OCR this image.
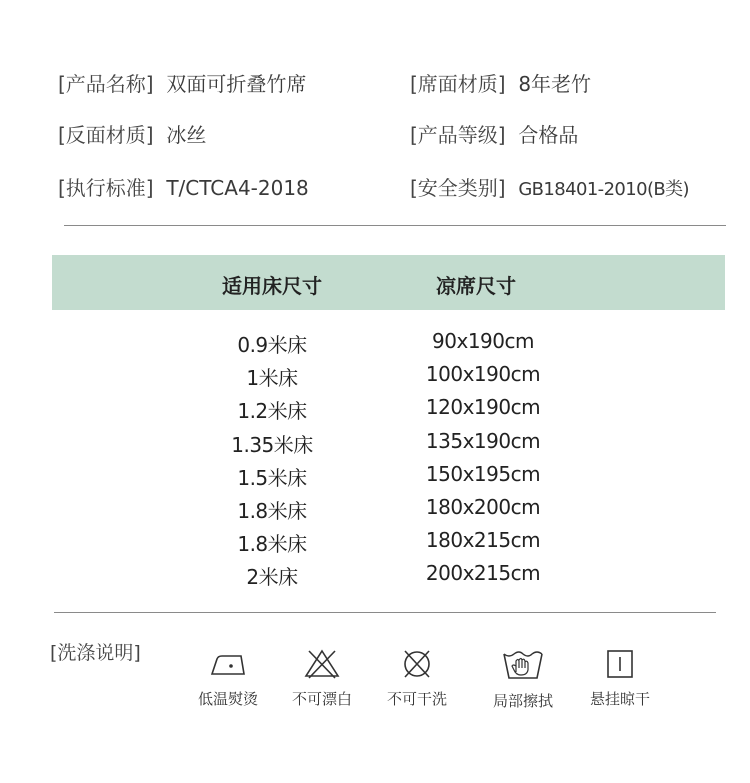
[产品名称] 双面可折叠竹席	[席面材质] 8年老竹
[反面材质] 冰丝	[产品等级] 合格品
[执行标准] T/CTCA4-2018	[安全类别] GB18401-2010(B类)
适用床尺寸	凉席尺寸
0.9米床	90x190cm
1米床	100x190cm
1.2米床	120x190cm
1.35米床	135x190cm
1.5米床	150x195cm
1.8米床	180x200cm
1.8米床	180x215cm
2米床	200x215cm
[洗涤说明]
低温熨烫	不可漂白	不可干洗	局部擦拭	悬挂晾干
